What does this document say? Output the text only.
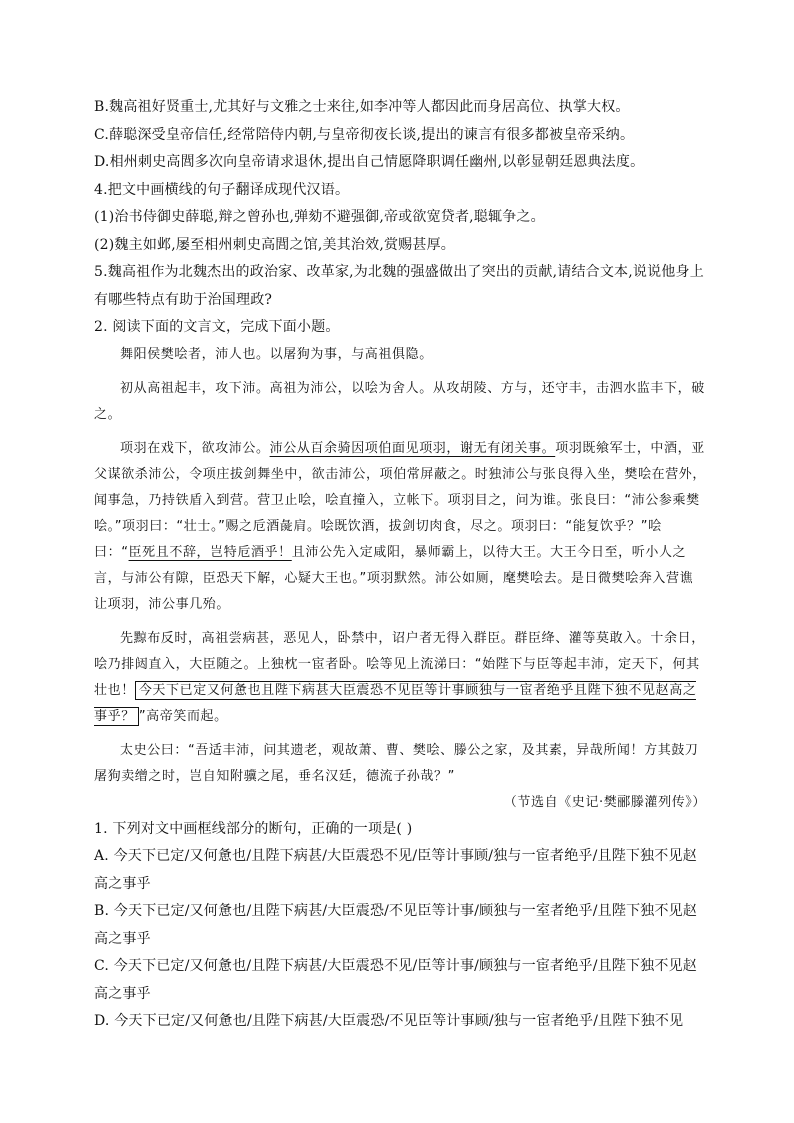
B.魏高祖好贤重士,尤其好与文雅之士来往,如李冲等人都因此而身居高位、执掌大权。
C.薛聪深受皇帝信任,经常陪侍内朝,与皇帝彻夜长谈,提出的谏言有很多都被皇帝采纳。
D.相州刺史高閭多次向皇帝请求退休,提出自己情愿降职调任幽州,以彰显朝廷恩典法度。
4.把文中画横线的句子翻译成现代汉语。
(1)治书侍御史薛聪,辩之曾孙也,弹劾不避强御,帝或欲宽贷者,聪辄争之。
(2)魏主如邺,屡至相州刺史高閭之馆,美其治效,赏赐甚厚。
5.魏高祖作为北魏杰出的政治家、改革家,为北魏的强盛做出了突出的贡献,请结合文本,说说他身上有哪些特点有助于治国理政?
2. 阅读下面的文言文，完成下面小题。

舞阳侯樊哙者，沛人也。以屠狗为事，与高祖俱隐。

初从高祖起丰，攻下沛。高祖为沛公，以哙为舍人。从攻胡陵、方与，还守丰，击泗水监丰下，破之。

项羽在戏下，欲攻沛公。沛公从百余骑因项伯面见项羽，谢无有闭关事。项羽既飨军士，中酒，亚父谋欲杀沛公，令项庄拔剑舞坐中，欲击沛公，项伯常屏蔽之。时独沛公与张良得入坐，樊哙在营外，闻事急，乃持铁盾入到营。营卫止哙，哙直撞入，立帐下。项羽目之，问为谁。张良曰：“沛公参乘樊哙。”项羽曰：“壮士。”赐之卮酒彘肩。哙既饮酒，拔剑切肉食，尽之。项羽曰：“能复饮乎？”哙曰：“臣死且不辞，岂特卮酒乎！且沛公先入定咸阳，暴师霸上，以待大王。大王今日至，听小人之言，与沛公有隙，臣恐天下解，心疑大王也。”项羽默然。沛公如厕，麾樊哙去。是日微樊哙奔入营谯让项羽，沛公事几殆。

先黥布反时，高祖尝病甚，恶见人，卧禁中，诏户者无得入群臣。群臣绛、灌等莫敢入。十余日，哙乃排闼直入，大臣随之。上独枕一宦者卧。哙等见上流涕曰：“始陛下与臣等起丰沛，定天下，何其壮也！ 今天下已定又何惫也且陛下病甚大臣震恐不见臣等计事顾独与一宦者绝乎且陛下独不见赵高之事乎？ ”高帝笑而起。

太史公曰：“吾适丰沛，问其遗老，观故萧、曹、樊哙、滕公之家，及其素，异哉所闻！方其鼓刀屠狗卖缯之时，岂自知附骥之尾，垂名汉廷，德流子孙哉？”

（节选自《史记·樊郦滕灌列传》）

1. 下列对文中画框线部分的断句，正确的一项是( )
A. 今天下已定/又何惫也/且陛下病甚/大臣震恐不见/臣等计事顾/独与一宦者绝乎/且陛下独不见赵高之事乎
B. 今天下已定/又何惫也/且陛下病甚/大臣震恐/不见臣等计事/顾独与一室者绝乎/且陛下独不见赵高之事乎
C. 今天下已定/又何惫也/且陛下病甚/大臣震恐不见/臣等计事/顾独与一宦者绝乎/且陛下独不见赵高之事乎
D. 今天下已定/又何惫也/且陛下病甚/大臣震恐/不见臣等计事顾/独与一宦者绝乎/且陛下独不见
